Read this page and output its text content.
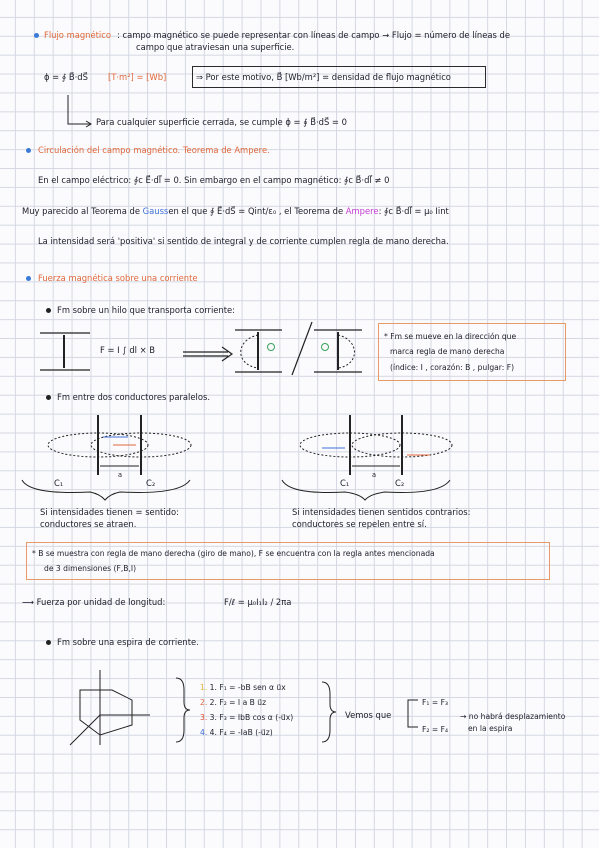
Flujo magnético : campo magnético se puede representar con líneas de campo → Flujo = número de líneas de
campo que atraviesan una superficie.
ϕ = ∮ B⃗·dS⃗ [T·m²] = [Wb]	⇒ Por este motivo, B⃗ [Wb/m²] = densidad de flujo magnético
Para cualquier superficie cerrada, se cumple ϕ = ∮ B⃗·dS⃗ = 0
Circulación del campo magnético. Teorema de Ampere.
En el campo eléctrico: ∮c E⃗·dl⃗ = 0. Sin embargo en el campo magnético: ∮c B⃗·dl⃗ ≠ 0
Muy parecido al Teorema de Gaussen el que ∮ E⃗·dS⃗ = Qint/ε₀ , el Teorema de Ampere: ∮c B⃗·dl⃗ = μ₀ Iint
La intensidad será 'positiva' si sentido de integral y de corriente cumplen regla de mano derecha.
Fuerza magnética sobre una corriente
Fm sobre un hilo que transporta corriente:
F = I ∫ dl × B
* Fm se mueve en la dirección que
marca regla de mano derecha
(índice: I , corazón: B , pulgar: F)
Fm entre dos conductores paralelos.
C₁	C₂
a
C₁	C₂
a
Si intensidades tienen = sentido:
conductores se atraen.
Si intensidades tienen sentidos contrarios:
conductores se repelen entre sí.
* B se muestra con regla de mano derecha (giro de mano), F se encuentra con la regla antes mencionada
de 3 dimensiones (F,B,I)
⟶ Fuerza por unidad de longitud:	F/ℓ = μ₀I₁I₂ / 2πa
Fm sobre una espira de corriente.
1. 1. F₁ = -bB sen α u⃗x
2. 2. F₂ = I a B u⃗z
3. 3. F₃ = IbB cos α (-u⃗x)
4. 4. F₄ = -IaB (-u⃗z)
Vemos que
F₁ = F₃
F₂ = F₄
→ no habrá desplazamiento
en la espira
